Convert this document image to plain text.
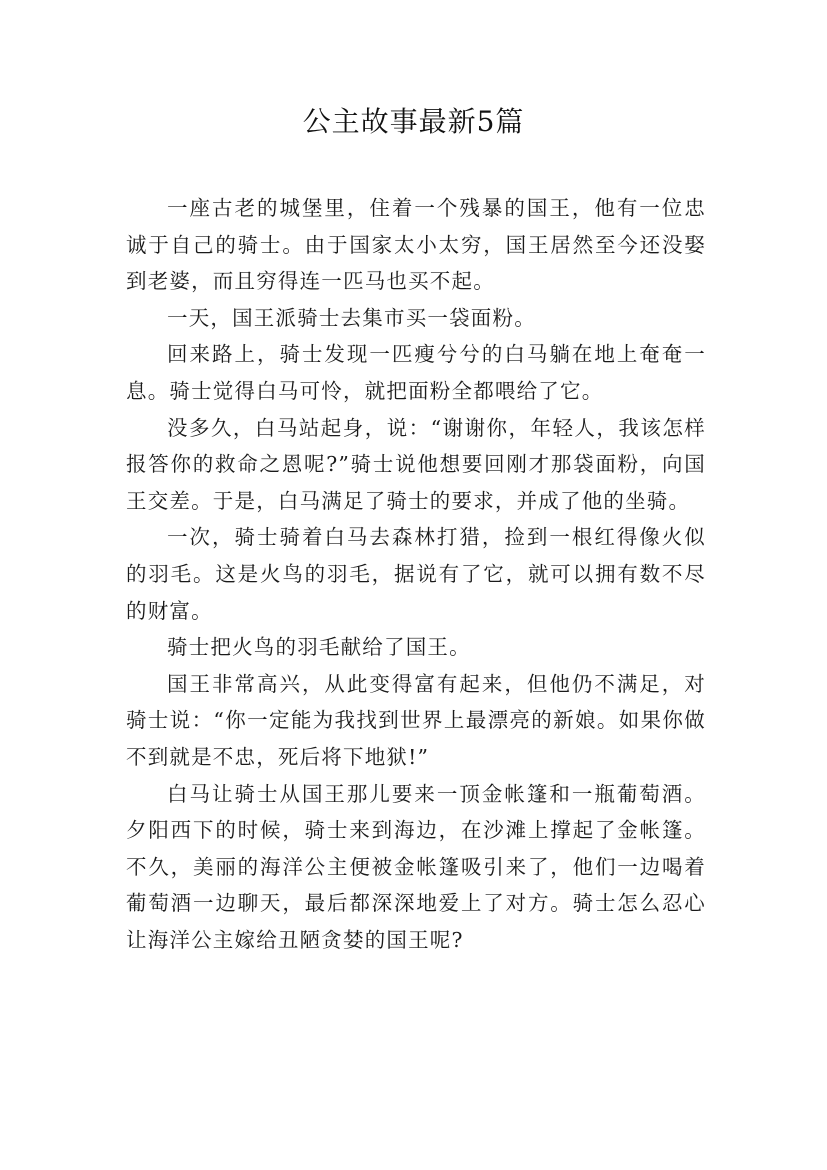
公主故事最新5篇

一座古老的城堡里，住着一个残暴的国王，他有一位忠诚于自己的骑士。由于国家太小太穷，国王居然至今还没娶到老婆，而且穷得连一匹马也买不起。

一天，国王派骑士去集市买一袋面粉。

回来路上，骑士发现一匹瘦兮兮的白马躺在地上奄奄一息。骑士觉得白马可怜，就把面粉全都喂给了它。

没多久，白马站起身，说：“谢谢你，年轻人，我该怎样报答你的救命之恩呢?”骑士说他想要回刚才那袋面粉，向国王交差。于是，白马满足了骑士的要求，并成了他的坐骑。

一次，骑士骑着白马去森林打猎，捡到一根红得像火似的羽毛。这是火鸟的羽毛，据说有了它，就可以拥有数不尽的财富。

骑士把火鸟的羽毛献给了国王。

国王非常高兴，从此变得富有起来，但他仍不满足，对骑士说：“你一定能为我找到世界上最漂亮的新娘。如果你做不到就是不忠，死后将下地狱!”

白马让骑士从国王那儿要来一顶金帐篷和一瓶葡萄酒。夕阳西下的时候，骑士来到海边，在沙滩上撑起了金帐篷。不久，美丽的海洋公主便被金帐篷吸引来了，他们一边喝着葡萄酒一边聊天，最后都深深地爱上了对方。骑士怎么忍心让海洋公主嫁给丑陋贪婪的国王呢?
